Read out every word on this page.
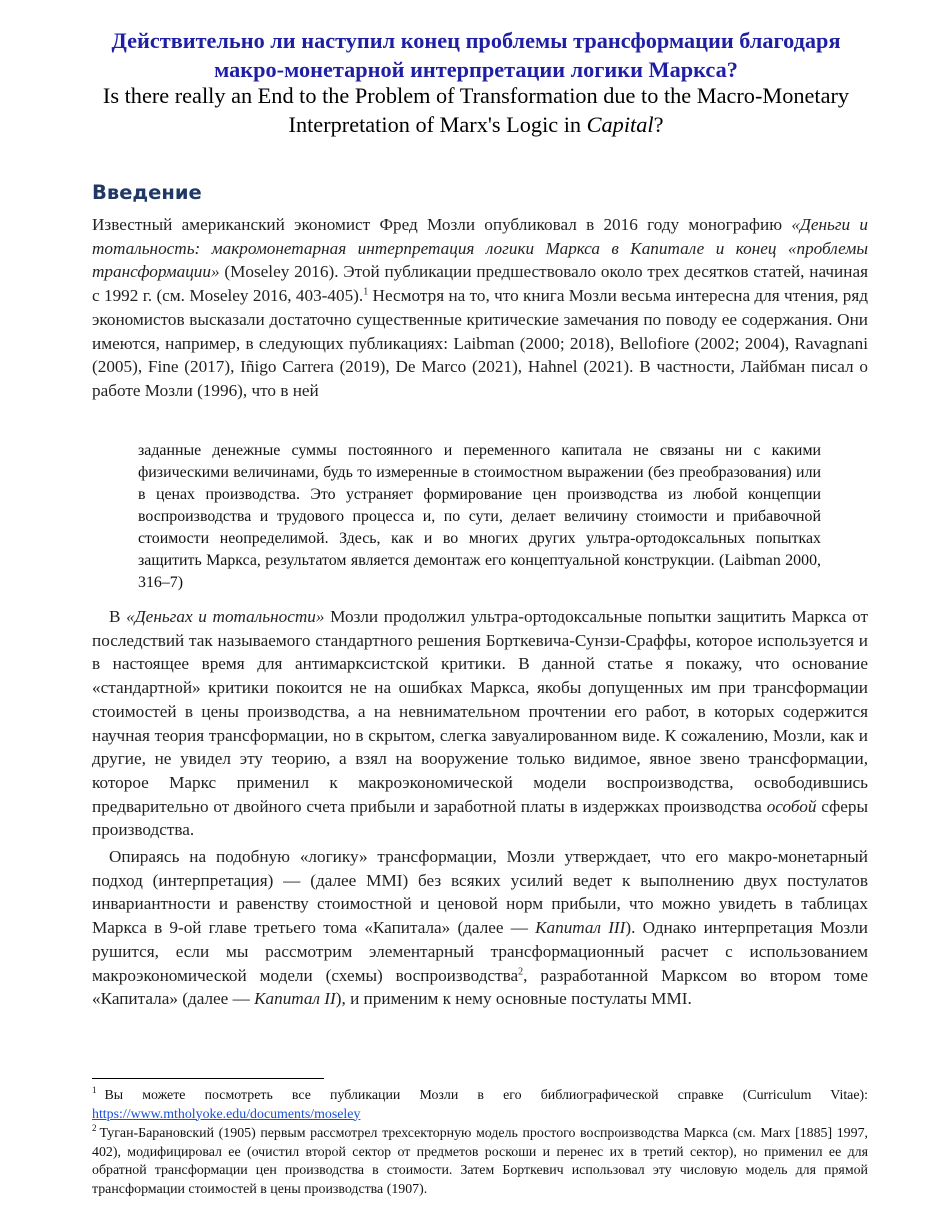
Действительно ли наступил конец проблемы трансформации благодаря
макро-монетарной интерпретации логики Маркса?
Is there really an End to the Problem of Transformation due to the Macro-Monetary
Interpretation of Marx's Logic in Capital?
Введение

Известный американский экономист Фред Мозли опубликовал в 2016 году монографию «Деньги и тотальность: макромонетарная интерпретация логики Маркса в Капитале и конец «проблемы трансформации» (Moseley 2016). Этой публикации предшествовало около трех десятков статей, начиная с 1992 г. (см. Moseley 2016, 403-405).$^1$ Несмотря на то, что книга Мозли весьма интересна для чтения, ряд экономистов высказали достаточно существенные критические замечания по поводу ее содержания. Они имеются, например, в следующих публикациях: Laibman (2000; 2018), Bellofiore (2002; 2004), Ravagnani (2005), Fine (2017), Iñigo Carrera (2019), De Marco (2021), Hahnel (2021). В частности, Лайбман писал о работе Мозли (1996), что в ней

заданные денежные суммы постоянного и переменного капитала не связаны ни с какими физическими величинами, будь то измеренные в стоимостном выражении (без преобразования) или в ценах производства. Это устраняет формирование цен производства из любой концепции воспроизводства и трудового процесса и, по сути, делает величину стоимости и прибавочной стоимости неопределимой. Здесь, как и во многих других ультра-ортодоксальных попытках защитить Маркса, результатом является демонтаж его концептуальной конструкции. (Laibman 2000, 316–7)

В «Деньгах и тотальности» Мозли продолжил ультра-ортодоксальные попытки защитить Маркса от последствий так называемого стандартного решения Борткевича-Сунзи-Сраффы, которое используется и в настоящее время для антимарксистской критики. В данной статье я покажу, что основание «стандартной» критики покоится не на ошибках Маркса, якобы допущенных им при трансформации стоимостей в цены производства, а на невнимательном прочтении его работ, в которых содержится научная теория трансформации, но в скрытом, слегка завуалированном виде. К сожалению, Мозли, как и другие, не увидел эту теорию, а взял на вооружение только видимое, явное звено трансформации, которое Маркс применил к макроэкономической модели воспроизводства, освободившись предварительно от двойного счета прибыли и заработной платы в издержках производства особой сферы производства.

Опираясь на подобную «логику» трансформации, Мозли утверждает, что его макро-монетарный подход (интерпретация) — (далее MMI) без всяких усилий ведет к выполнению двух постулатов инвариантности и равенству стоимостной и ценовой норм прибыли, что можно увидеть в таблицах Маркса в 9-ой главе третьего тома «Капитала» (далее — Капитал III). Однако интерпретация Мозли рушится, если мы рассмотрим элементарный трансформационный расчет с использованием макроэкономической модели (схемы) воспроизводства$^2$, разработанной Марксом во втором томе «Капитала» (далее — Капитал II), и применим к нему основные постулаты MMI.

$^1$ Вы можете посмотреть все публикации Мозли в его библиографической справке (Curriculum Vitae): https://www.mtholyoke.edu/documents/moseley

$^2$ Туган-Барановский (1905) первым рассмотрел трехсекторную модель простого воспроизводства Маркса (см. Marx [1885] 1997, 402), модифицировал ее (очистил второй сектор от предметов роскоши и перенес их в третий сектор), но применил ее для обратной трансформации цен производства в стоимости. Затем Борткевич использовал эту числовую модель для прямой трансформации стоимостей в цены производства (1907).
